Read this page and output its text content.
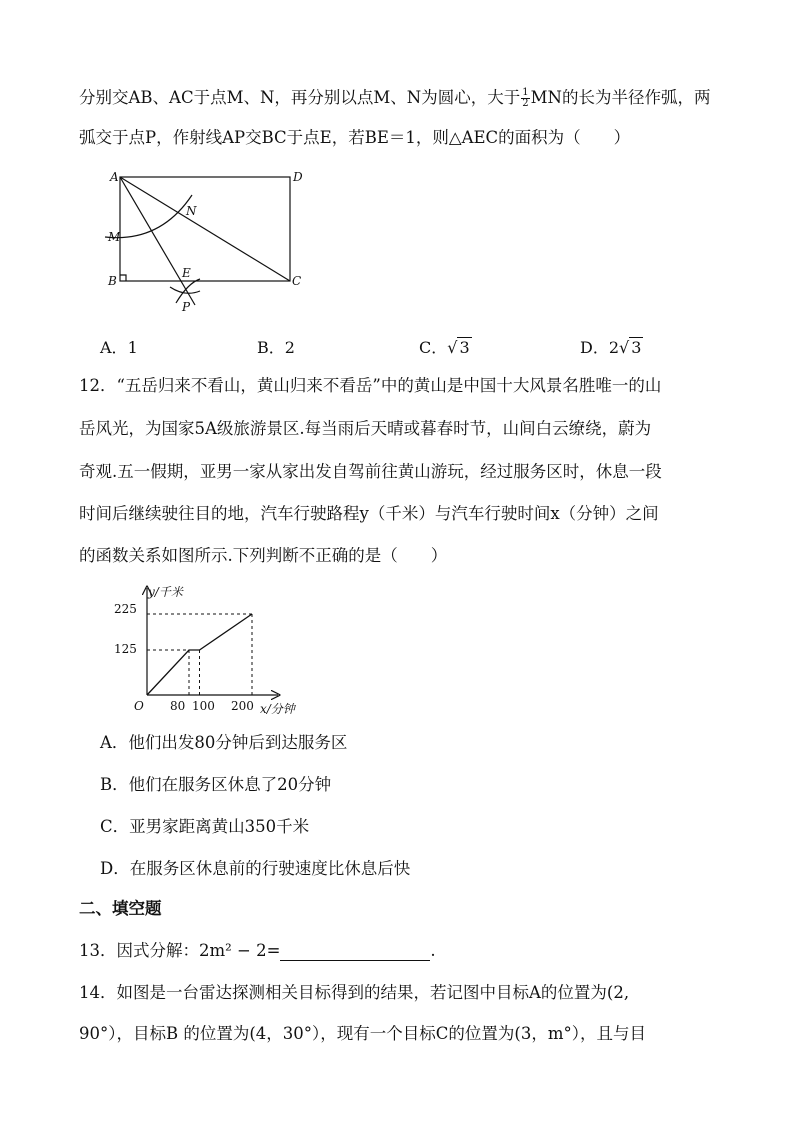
分别交AB、AC于点M、N，再分别以点M、N为圆心，大于 $\frac{1}{2}$ MN的长为半径作弧，两
弧交于点P，作射线AP交BC于点E，若BE＝1，则△AEC的面积为（　　）
A	D
N
M
B
E
C
P
A．1	B．2	C．√ 3	D．2√ 3
12．“五岳归来不看山，黄山归来不看岳”中的黄山是中国十大风景名胜唯一的山
岳风光，为国家5A级旅游景区.每当雨后天晴或暮春时节，山间白云缭绕，蔚为
奇观.五一假期，亚男一家从家出发自驾前往黄山游玩，经过服务区时，休息一段
时间后继续驶往目的地，汽车行驶路程y（千米）与汽车行驶时间x（分钟）之间
的函数关系如图所示.下列判断不正确的是（　　）
y/千米
x/分钟
O
225
125
80 100 200
A．他们出发80分钟后到达服务区
B．他们在服务区休息了20分钟
C．亚男家距离黄山350千米
D．在服务区休息前的行驶速度比休息后快
二、填空题
13．因式分解：2m² − 2=	.
14．如图是一台雷达探测相关目标得到的结果，若记图中目标A的位置为(2,
90°），目标B 的位置为(4，30°），现有一个目标C的位置为(3，m°），且与目
